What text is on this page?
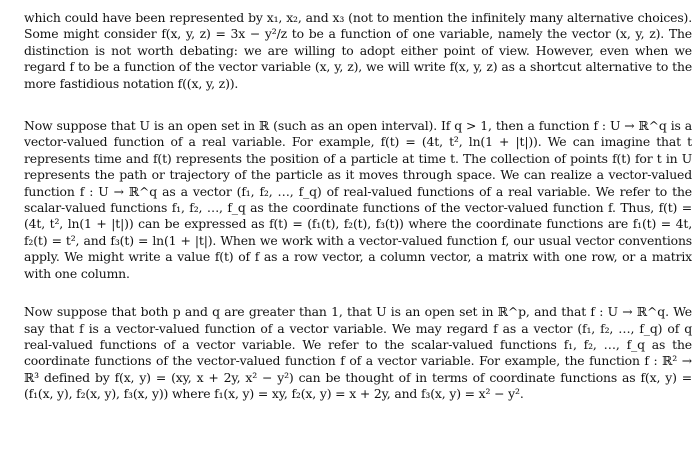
which could have been represented by x₁, x₂, and x₃ (not to mention the infinitely many alternative choices). Some might consider f(x, y, z) = 3x − y²/z to be a function of one variable, namely the vector (x, y, z). The distinction is not worth debating: we are willing to adopt either point of view. However, even when we regard f to be a function of the vector variable (x, y, z), we will write f(x, y, z) as a shortcut alternative to the more fastidious notation f((x, y, z)).

Now suppose that U is an open set in ℝ (such as an open interval). If q > 1, then a function f : U → ℝ^q is a vector-valued function of a real variable. For example, f(t) = (4t, t², ln(1 + |t|)). We can imagine that t represents time and f(t) represents the position of a particle at time t. The collection of points f(t) for t in U represents the path or trajectory of the particle as it moves through space. We can realize a vector-valued function f : U → ℝ^q as a vector (f₁, f₂, …, f_q) of real-valued functions of a real variable. We refer to the scalar-valued functions f₁, f₂, …, f_q as the coordinate functions of the vector-valued function f. Thus, f(t) = (4t, t², ln(1 + |t|)) can be expressed as f(t) = (f₁(t), f₂(t), f₃(t)) where the coordinate functions are f₁(t) = 4t, f₂(t) = t², and f₃(t) = ln(1 + |t|). When we work with a vector-valued function f, our usual vector conventions apply. We might write a value f(t) of f as a row vector, a column vector, a matrix with one row, or a matrix with one column.

Now suppose that both p and q are greater than 1, that U is an open set in ℝ^p, and that f : U → ℝ^q. We say that f is a vector-valued function of a vector variable. We may regard f as a vector (f₁, f₂, …, f_q) of q real-valued functions of a vector variable. We refer to the scalar-valued functions f₁, f₂, …, f_q as the coordinate functions of the vector-valued function f of a vector variable. For example, the function f : ℝ² → ℝ³ defined by f(x, y) = (xy, x + 2y, x² − y²) can be thought of in terms of coordinate functions as f(x, y) = (f₁(x, y), f₂(x, y), f₃(x, y)) where f₁(x, y) = xy, f₂(x, y) = x + 2y, and f₃(x, y) = x² − y².
